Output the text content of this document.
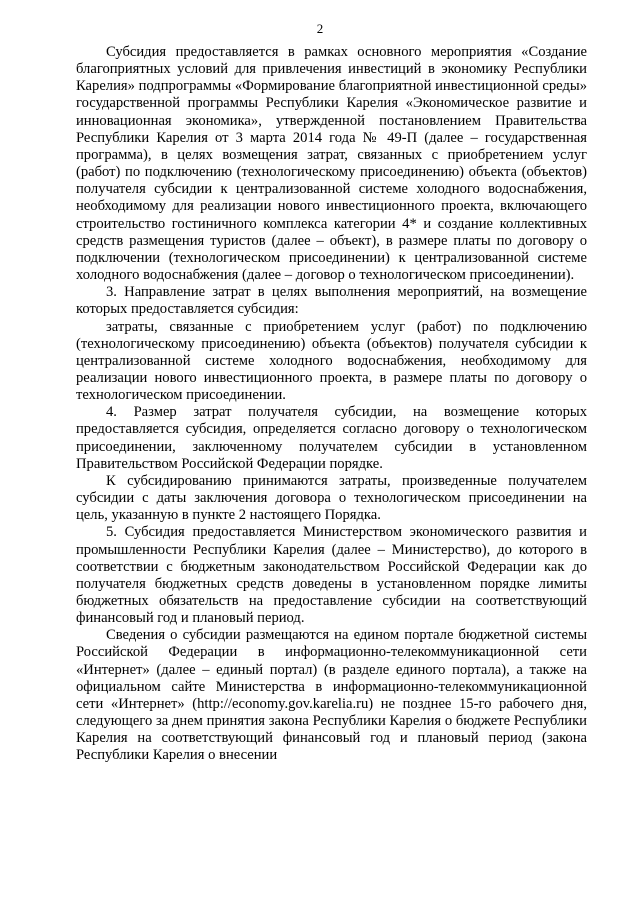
2

Субсидия предоставляется в рамках основного мероприятия «Создание благоприятных условий для привлечения инвестиций в экономику Республики Карелия» подпрограммы «Формирование благоприятной инвестиционной среды» государственной программы Республики Карелия «Экономическое развитие и инновационная экономика», утвержденной постановлением Правительства Республики Карелия от 3 марта 2014 года № 49-П (далее – государственная программа), в целях возмещения затрат, связанных с приобретением услуг (работ) по подключению (технологическому присоединению) объекта (объектов) получателя субсидии к централизованной системе холодного водоснабжения, необходимому для реализации нового инвестиционного проекта, включающего строительство гостиничного комплекса категории 4* и создание коллективных средств размещения туристов (далее – объект), в размере платы по договору о подключении (технологическом присоединении) к централизованной системе холодного водоснабжения (далее – договор о технологическом присоединении).

3. Направление затрат в целях выполнения мероприятий, на возмещение которых предоставляется субсидия:

затраты, связанные с приобретением услуг (работ) по подключению (технологическому присоединению) объекта (объектов) получателя субсидии к централизованной системе холодного водоснабжения, необходимому для реализации нового инвестиционного проекта, в размере платы по договору о технологическом присоединении.

4. Размер затрат получателя субсидии, на возмещение которых предоставляется субсидия, определяется согласно договору о технологическом присоединении, заключенному получателем субсидии в установленном Правительством Российской Федерации порядке.

К субсидированию принимаются затраты, произведенные получателем субсидии с даты заключения договора о технологическом присоединении на цель, указанную в пункте 2 настоящего Порядка.

5. Субсидия предоставляется Министерством экономического развития и промышленности Республики Карелия (далее – Министерство), до которого в соответствии с бюджетным законодательством Российской Федерации как до получателя бюджетных средств доведены в установленном порядке лимиты бюджетных обязательств на предоставление субсидии на соответствующий финансовый год и плановый период.

Сведения о субсидии размещаются на едином портале бюджетной системы Российской Федерации в информационно-телекоммуникационной сети «Интернет» (далее – единый портал) (в разделе единого портала), а также на официальном сайте Министерства в информационно-телекоммуникационной сети «Интернет» (http://economy.gov.karelia.ru) не позднее 15-го рабочего дня, следующего за днем принятия закона Республики Карелия о бюджете Республики Карелия на соответствующий финансовый год и плановый период (закона Республики Карелия о внесении
